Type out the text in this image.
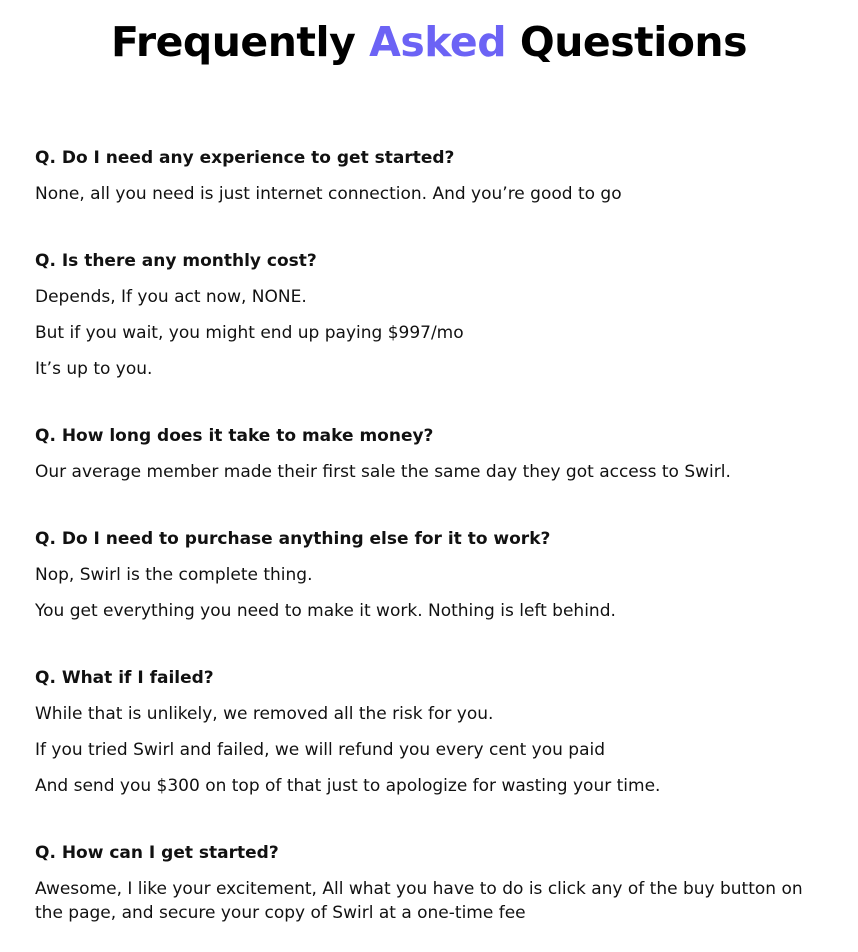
Frequently Asked Questions

Q. Do I need any experience to get started?

None, all you need is just internet connection. And you’re good to go

Q. Is there any monthly cost?

Depends, If you act now, NONE.

But if you wait, you might end up paying $997/mo

It’s up to you.

Q. How long does it take to make money?

Our average member made their first sale the same day they got access to Swirl.

Q. Do I need to purchase anything else for it to work?

Nop, Swirl is the complete thing.

You get everything you need to make it work. Nothing is left behind.

Q. What if I failed?

While that is unlikely, we removed all the risk for you.

If you tried Swirl and failed, we will refund you every cent you paid

And send you $300 on top of that just to apologize for wasting your time.

Q. How can I get started?

Awesome, I like your excitement, All what you have to do is click any of the buy button on the page, and secure your copy of Swirl at a one-time fee
